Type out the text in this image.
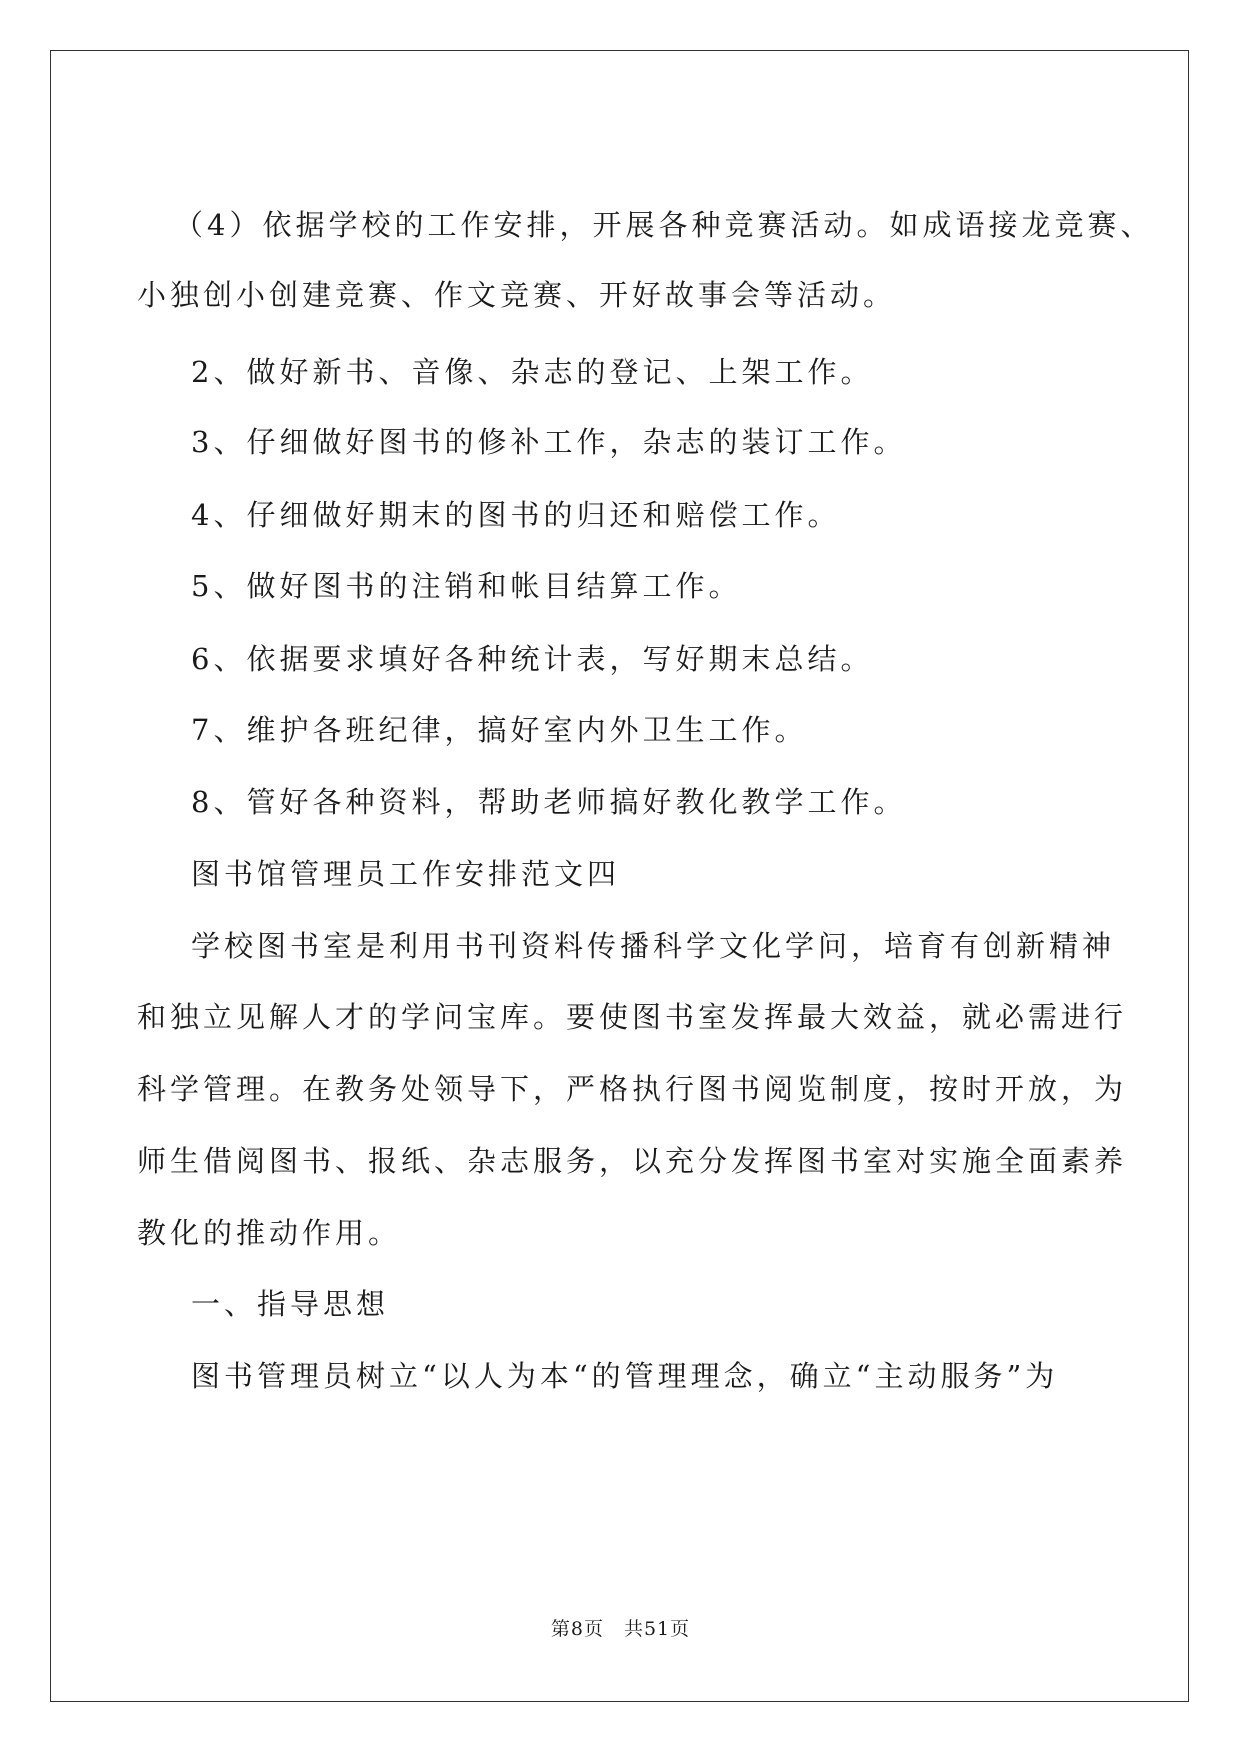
（4）依据学校的工作安排，开展各种竞赛活动。如成语接龙竞赛、
小独创小创建竞赛、作文竞赛、开好故事会等活动。
2、做好新书、音像、杂志的登记、上架工作。
3、仔细做好图书的修补工作，杂志的装订工作。
4、仔细做好期末的图书的归还和赔偿工作。
5、做好图书的注销和帐目结算工作。
6、依据要求填好各种统计表，写好期末总结。
7、维护各班纪律，搞好室内外卫生工作。
8、管好各种资料，帮助老师搞好教化教学工作。
图书馆管理员工作安排范文四
学校图书室是利用书刊资料传播科学文化学问，培育有创新精神
和独立见解人才的学问宝库。要使图书室发挥最大效益，就必需进行
科学管理。在教务处领导下，严格执行图书阅览制度，按时开放，为
师生借阅图书、报纸、杂志服务，以充分发挥图书室对实施全面素养
教化的推动作用。
一、指导思想
图书管理员树立“以人为本“的管理理念，确立“主动服务”为
第8页　共51页
